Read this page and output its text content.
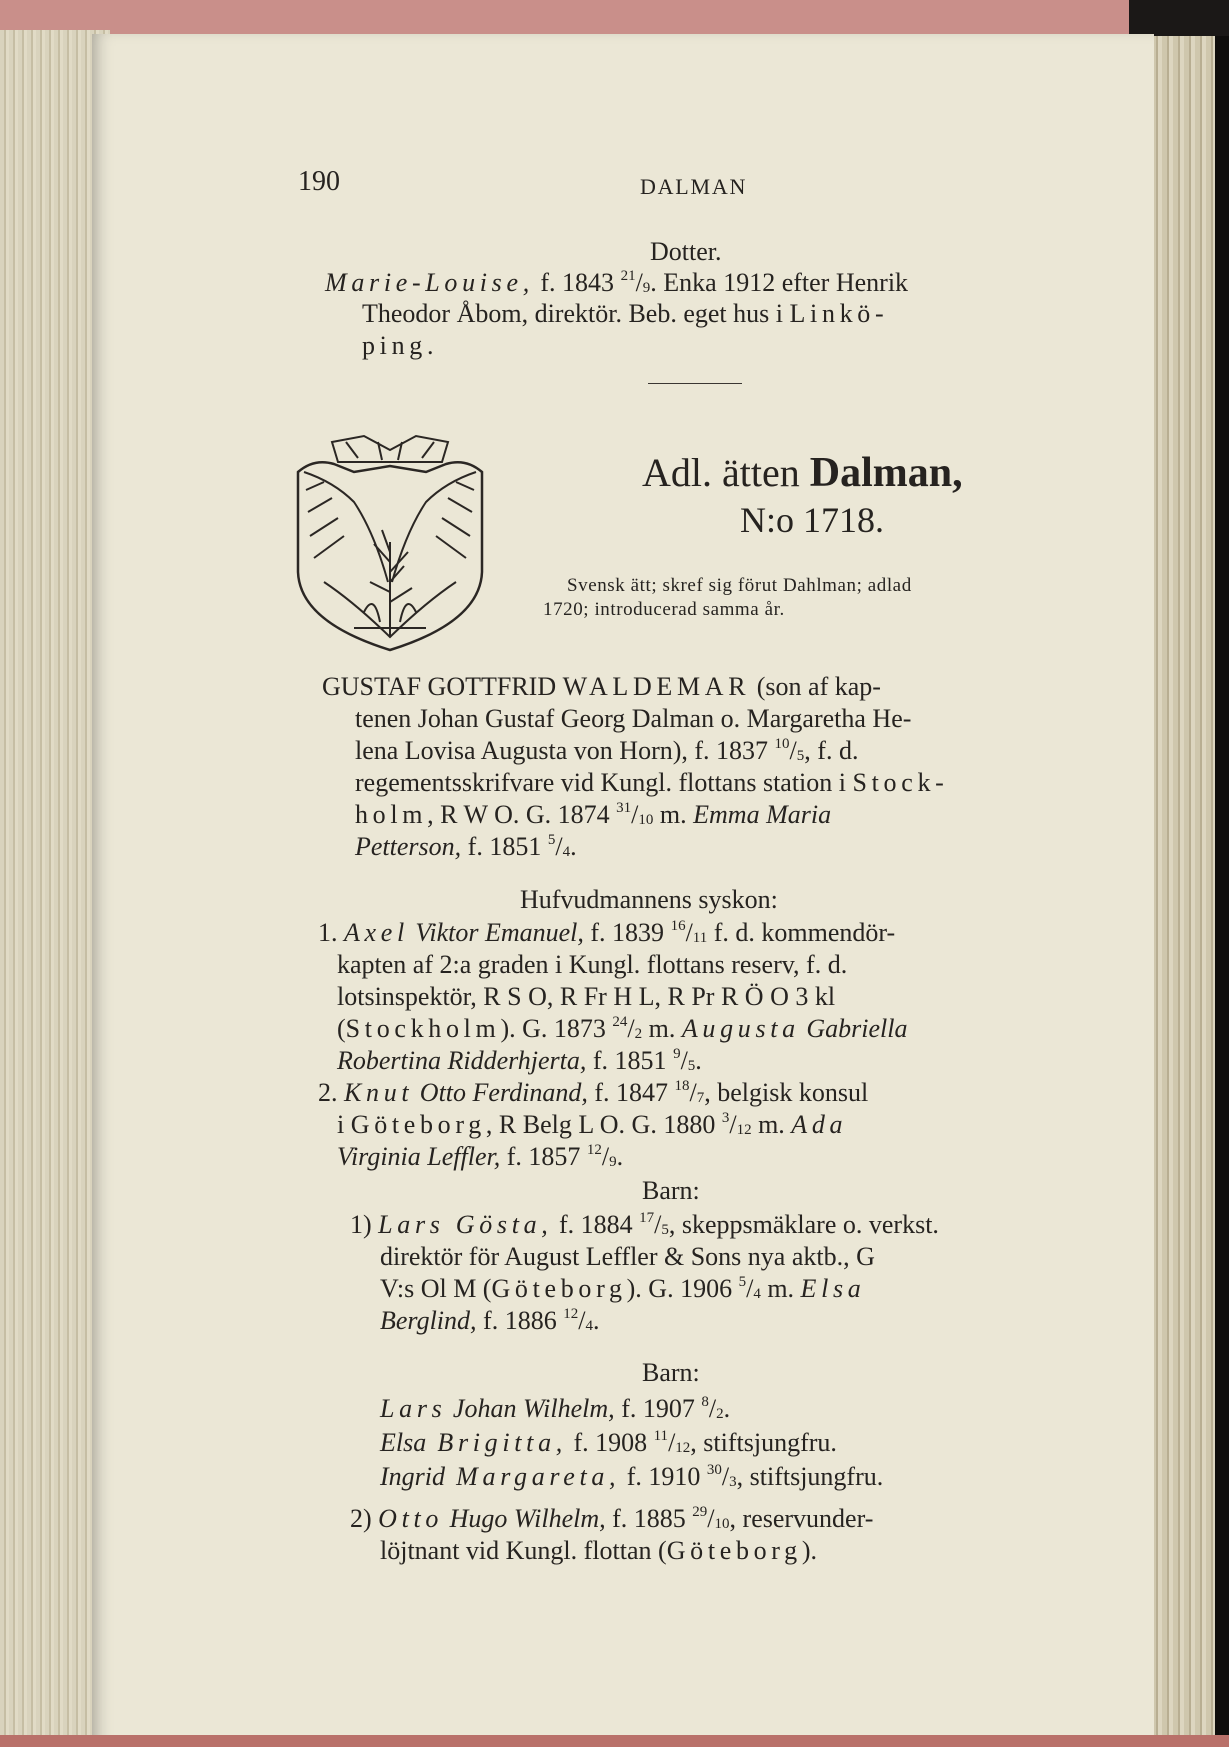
190	DALMAN
Dotter.
Marie-Louise, f. 1843 $^{21}/_9$. Enka 1912 efter Henrik
Theodor Åbom, direktör. Beb. eget hus i Linkö-
ping.
Adl. ätten Dalman,
N:o 1718.
Svensk ätt; skref sig förut Dahlman; adlad
1720; introducerad samma år.
GUSTAF GOTTFRID WALDEMAR (son af kap-
tenen Johan Gustaf Georg Dalman o. Margaretha He-
lena Lovisa Augusta von Horn), f. 1837 $^{10}/_5$, f. d.
regementsskrifvare vid Kungl. flottans station i Stock-
holm, R W O. G. 1874 $^{31}/_{10}$ m. Emma Maria
Petterson, f. 1851 $^5/_4$.
Hufvudmannens syskon:
1. Axel Viktor Emanuel, f. 1839 $^{16}/_{11}$ f. d. kommendör-
kapten af 2:a graden i Kungl. flottans reserv, f. d.
lotsinspektör, R S O, R Fr H L, R Pr R Ö O 3 kl
(Stockholm). G. 1873 $^{24}/_2$ m. Augusta Gabriella
Robertina Ridderhjerta, f. 1851 $^9/_5$.
2. Knut Otto Ferdinand, f. 1847 $^{18}/_7$, belgisk konsul
i Göteborg, R Belg L O. G. 1880 $^3/_{12}$ m. Ada
Virginia Leffler, f. 1857 $^{12}/_9$.
Barn:
1) Lars Gösta, f. 1884 $^{17}/_5$, skeppsmäklare o. verkst.
direktör för August Leffler & Sons nya aktb., G
V:s Ol M (Göteborg). G. 1906 $^5/_4$ m. Elsa
Berglind, f. 1886 $^{12}/_4$.
Barn:
Lars Johan Wilhelm, f. 1907 $^8/_2$.
Elsa Brigitta, f. 1908 $^{11}/_{12}$, stiftsjungfru.
Ingrid Margareta, f. 1910 $^{30}/_3$, stiftsjungfru.
2) Otto Hugo Wilhelm, f. 1885 $^{29}/_{10}$, reservunder-
löjtnant vid Kungl. flottan (Göteborg).
